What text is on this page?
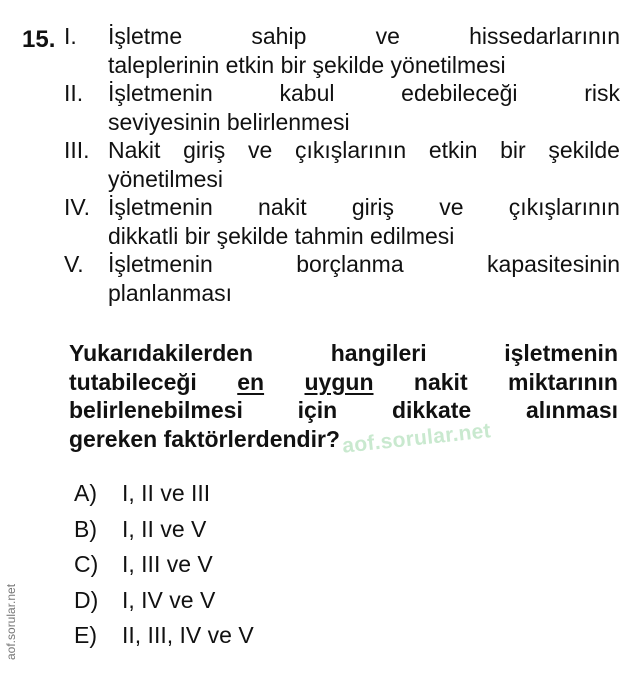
15. I. İşletme	sahip	ve	hissedarlarının
taleplerinin etkin bir şekilde yönetilmesi
II. İşletmenin	kabul	edebileceği	risk
seviyesinin belirlenmesi
III. Nakit giriş ve çıkışlarının etkin bir şekilde
yönetilmesi
IV. İşletmenin nakit giriş ve çıkışlarının
dikkatli bir şekilde tahmin edilmesi
V. İşletmenin	borçlanma	kapasitesinin
planlanması
Yukarıdakilerden	hangileri	işletmenin
tutabileceği en uygun nakit miktarının
belirlenebilmesi için dikkate alınması
gereken faktörlerdendir? aof.sorular.net
A) I, II ve III
B) I, II ve V
C) I, III ve V
D) I, IV ve V
E) II, III, IV ve V
aof.sorular.net
